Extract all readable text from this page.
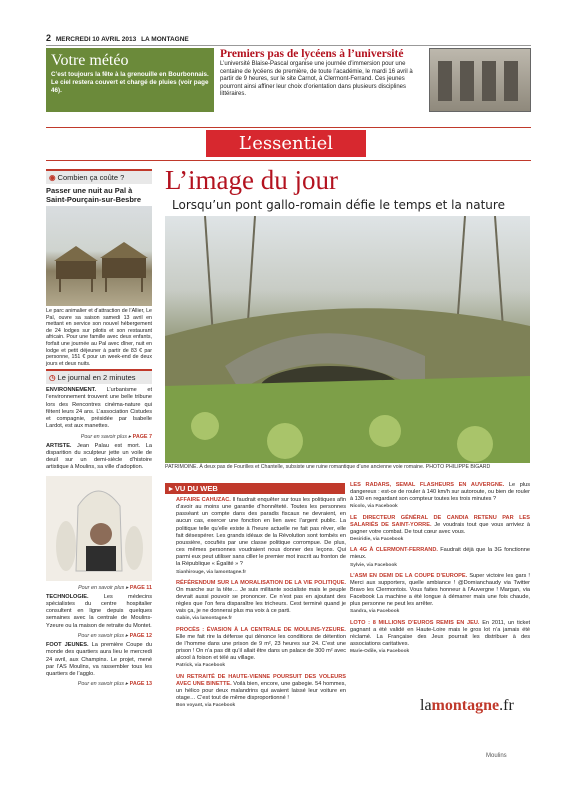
2 MERCREDI 10 AVRIL 2013 LA MONTAGNE
Votre météo

C’est toujours la fête à la grenouille en Bourbonnais. Le ciel restera couvert et chargé de pluies (voir page 46).

Premiers pas de lycéens à l’université

L’université Blaise-Pascal organise une journée d’immersion pour une centaine de lycéens de première, de toute l’académie, le mardi 16 avril à partir de 9 heures, sur le site Carnot, à Clermont-Ferrand. Ces jeunes pourront ainsi affiner leur choix d’orientation dans plusieurs disciplines littéraires.

L’essentiel
◉ Combien ça coûte ?
Passer une nuit au Pal à Saint-Pourçain-sur-Besbre

Le parc animalier et d’attraction de l’Allier, Le Pal, ouvre sa saison samedi 13 avril en mettant en service son nouvel hébergement de 24 lodges sur pilotis et son restaurant africain. Pour une famille avec deux enfants, forfait une journée au Pal avec dîner, nuit en lodge et petit déjeuner à partir de 83 € par personne, 151 € pour un week-end de deux jours et deux nuits.

◷ Le journal en 2 minutes
ENVIRONNEMENT. L’urbanisme et l’environnement trouvent une belle tribune lors des Rencontres cinéma-nature qui fêtent leurs 24 ans. L’association Cistudes et compagnie, présidée par Isabelle Lardot, est aux manettes.
Pour en savoir plus ▸ PAGE 7
ARTISTE. Jean Palau est mort. La disparition du sculpteur jette un voile de deuil sur un demi-siècle d’histoire artistique à Moulins, sa ville d’adoption.
Pour en savoir plus ▸ PAGE 11
TECHNOLOGIE. Les médecins spécialistes du centre hospitalier consultent en ligne depuis quelques semaines avec la centrale de Moulins-Yzeure ou la maison de retraite du Montet.
Pour en savoir plus ▸ PAGE 12
FOOT JEUNES. La première Coupe du monde des quartiers aura lieu le mercredi 24 avril, aux Champins. Le projet, mené par l’AS Moulins, va rassembler tous les quartiers de l’agglo.
Pour en savoir plus ▸ PAGE 13
L’image du jour
Lorsqu’un pont gallo-romain défie le temps et la nature
PATRIMOINE. À deux pas de Fourilles et Chantelle, subsiste une ruine romantique d’une ancienne voie romaine. PHOTO PHILIPPE BIGARD
▸ VU DU WEB
AFFAIRE CAHUZAC. Il faudrait enquêter sur tous les politiques afin d’avoir au moins une garantie d’honnêteté. Toutes les personnes passéant un compte dans des paradis fiscaux ne devraient, en aucun cas, exercer une fonction en lien avec l’argent public. La politique telle qu’elle existe à l’heure actuelle ne fait pas rêver, elle fait désespérer. Les grands idéaux de la Révolution sont tombés en poussière, cocufiés par une classe politique corrompue. De plus, ces mêmes personnes voudraient nous donner des leçons. Qui parmi eux peut utiliser sans ciller le premier mot inscrit au fronton de la République « Égalité » ?
Sianhirouge, via lamontagne.fr
RÉFÉRENDUM SUR LA MORALISATION DE LA VIE POLITIQUE. On marche sur la tête… Je suis militante socialiste mais le peuple devrait aussi pouvoir se prononcer. Ce n’est pas en ajoutant des règles que l’on fera disparaître les tricheurs. Cest terminé quand je vais ça, je ne donnerai plus ma voix à ce parti.
Gabin, via lamontagne.fr
PROCÈS : ÉVASION À LA CENTRALE DE MOULINS-YZEURE. Elle me fait rire la défense qui dénonce les conditions de détention de l’homme dans une prison de 9 m², 23 heures sur 24. C’est une prison ! On n’a pas dit qu’il allait être dans un palace de 300 m² avec alcool à foison et télé au village.
Patrick, via Facebook
UN RETRAITÉ DE HAUTE-VIENNE POURSUIT DES VOLEURS AVEC UNE BINETTE. Voilà bien, encore, une gabegie. 54 hommes, un hélico pour deux malandrins qui avaient laissé leur voiture en otage… C’est tout de même disproportionné !
Bon voyant, via Facebook
LES RADARS, SEMAL FLASHEURS EN AUVERGNE. Le plus dangereux : est-ce de rouler à 140 km/h sur autoroute, ou bien de rouler à 130 en regardant son compteur toutes les trois minutes ?
Nicolo, via Facebook
LE DIRECTEUR GÉNÉRAL DE CANDIA RETENU PAR LES SALARIÉS DE SAINT-YORRE. Je voudrais tout que vous arriviez à gagner votre combat. De tout cœur avec vous.
Desiridie, via Facebook
LA 4G À CLERMONT-FERRAND. Faudrait déjà que la 3G fonctionne mieux.
Sylvie, via Facebook
L’ASM EN DEMI DE LA COUPE D’EUROPE. Super victoire les gars ! Merci aux supporters, quelle ambiance ! @Domianchaudy via Twitter Bravo les Clermontois. Vous faites honneur à l’Auvergne ! Margan, via Facebook La machine a été longue à démarrer mais une fois chaude, plus personne ne peut les arrêter.
Sandra, via Facebook
LOTO : 8 MILLIONS D’EUROS REMIS EN JEU. En 2011, un ticket gagnant a été validé en Haute-Loire mais le gros lot n’a jamais été réclamé. La Française des Jeux pourrait les distribuer à des associations caritatives.
Marie-Odile, via Facebook
lamontagne.fr
Moulins
